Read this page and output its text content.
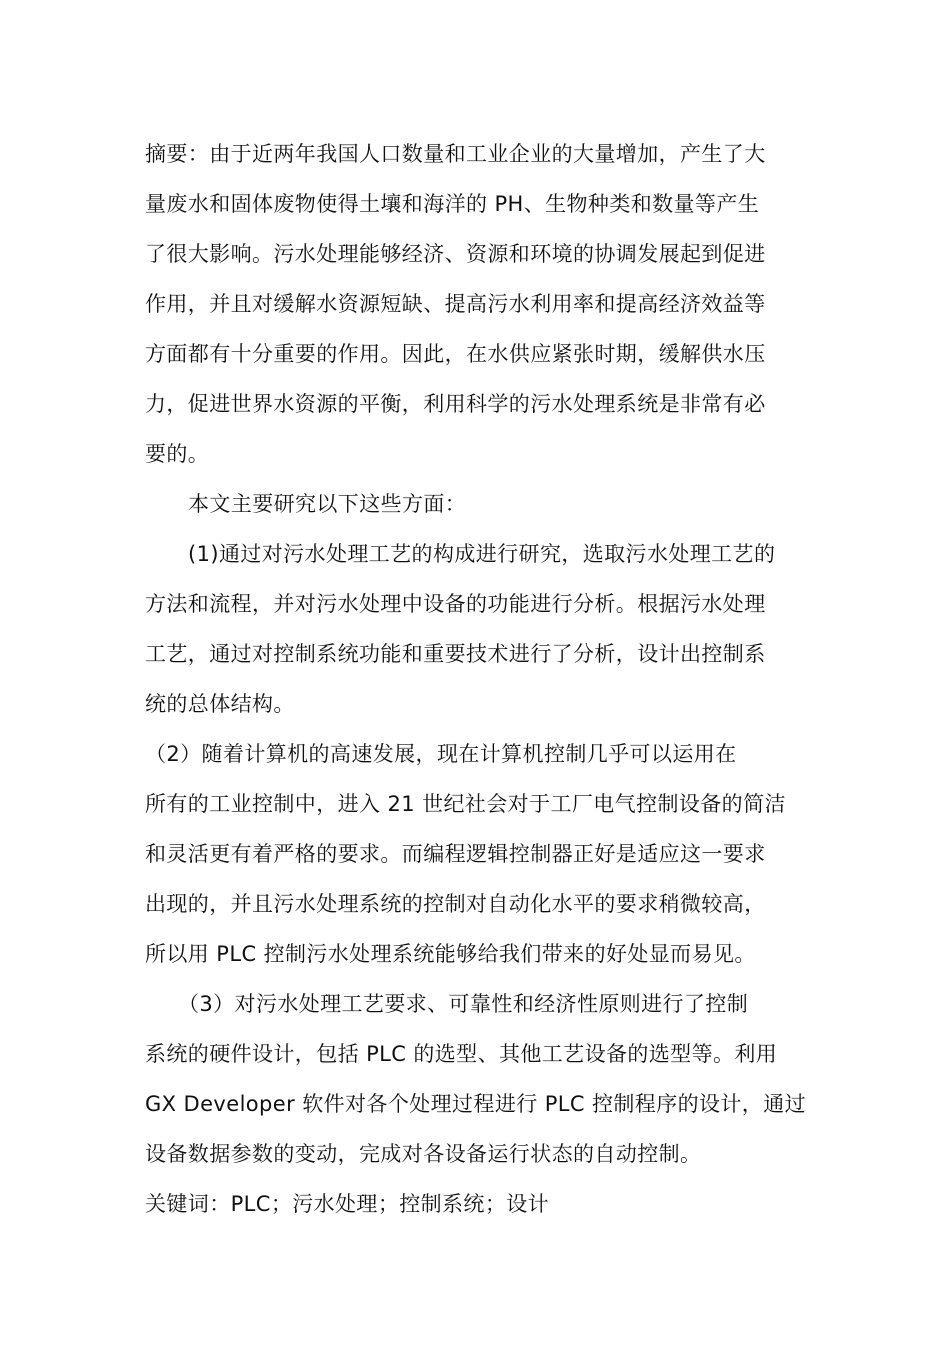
摘要：由于近两年我国人口数量和工业企业的大量增加，产生了大
量废水和固体废物使得土壤和海洋的 PH、生物种类和数量等产生
了很大影响。污水处理能够经济、资源和环境的协调发展起到促进
作用，并且对缓解水资源短缺、提高污水利用率和提高经济效益等
方面都有十分重要的作用。因此，在水供应紧张时期，缓解供水压
力，促进世界水资源的平衡，利用科学的污水处理系统是非常有必
要的。
本文主要研究以下这些方面：
(1)通过对污水处理工艺的构成进行研究，选取污水处理工艺的
方法和流程，并对污水处理中设备的功能进行分析。根据污水处理
工艺，通过对控制系统功能和重要技术进行了分析，设计出控制系
统的总体结构。
（2）随着计算机的高速发展，现在计算机控制几乎可以运用在
所有的工业控制中，进入 21 世纪社会对于工厂电气控制设备的简洁
和灵活更有着严格的要求。而编程逻辑控制器正好是适应这一要求
出现的，并且污水处理系统的控制对自动化水平的要求稍微较高，
所以用 PLC 控制污水处理系统能够给我们带来的好处显而易见。
（3）对污水处理工艺要求、可靠性和经济性原则进行了控制
系统的硬件设计，包括 PLC 的选型、其他工艺设备的选型等。利用
GX Developer 软件对各个处理过程进行 PLC 控制程序的设计，通过
设备数据参数的变动，完成对各设备运行状态的自动控制。
关键词：PLC；污水处理；控制系统；设计
